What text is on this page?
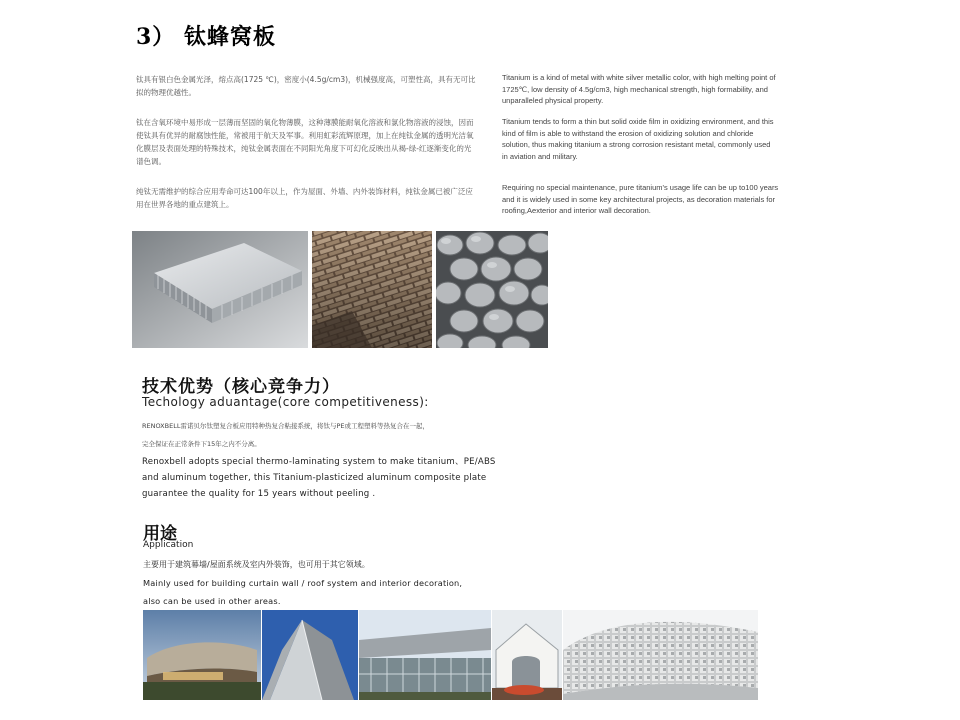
3） 钛蜂窝板
钛具有银白色金属光泽，熔点高(1725 ℃)，密度小(4.5g/cm3)，机械强度高，可塑性高，具有无可比拟的物理优越性。
钛在含氧环境中易形成一层薄而坚固的氧化物薄膜，这种薄膜能耐氧化溶液和氯化物溶液的浸蚀，因而使钛具有优异的耐腐蚀性能，常被用于航天及军事。利用虹彩流辉原理，加上在纯钛金属的透明光洁氧化膜层及表面处理的特殊技术，纯钛金属表面在不同阳光角度下可幻化反映出从褐-绿-红逐渐变化的光谱色调。
纯钛无需维护的综合应用寿命可达100年以上，作为屋面、外墙、内外装饰材料，纯钛金属已被广泛应用在世界各地的重点建筑上。
Titanium is a kind of metal with white silver metallic color, with high melting point of 1725℃, low density of 4.5g/cm3, high mechanical strength, high formability, and unparalleled physical property.
Titanium tends to form a thin but solid oxide film in oxidizing environment, and this kind of film is able to withstand the erosion of oxidizing solution and chloride solution, thus making titanium a strong corrosion resistant metal, commonly used in aviation and military.
Requiring no special maintenance, pure titanium's usage life can be up to100 years and it is widely used in some key architectural projects, as decoration materials for roofing,Aexterior and interior wall decoration.
技术优势（核心竞争力）
Techology aduantage(core competitiveness):
RENOXBELL雷诺贝尔钛塑复合板应用特种热复合粘接系统，将钛与PE或工程塑料等热复合在一起，
完全保证在正常条件下15年之内不分离。
Renoxbell adopts special thermo-laminating system to make titanium、PE/ABS and aluminum together, this Titanium-plasticized aluminum composite plate guarantee the quality for 15 years without peeling .
用途
Application
主要用于建筑幕墙/屋面系统及室内外装饰，也可用于其它领域。
Mainly used for building curtain wall / roof system and interior decoration, also can be used in other areas.
